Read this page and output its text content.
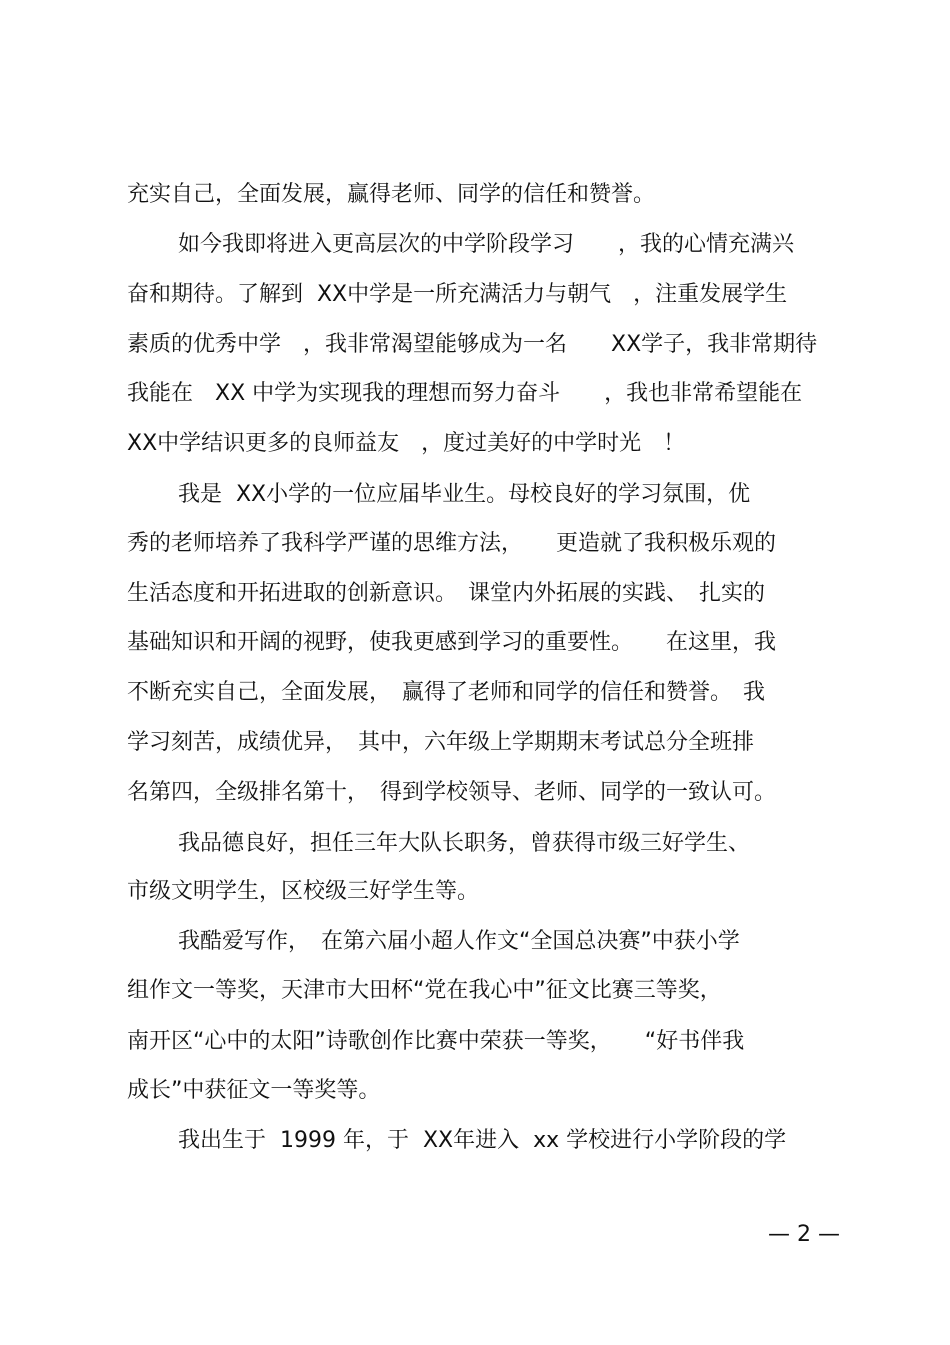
充实自己，全面发展，赢得老师、同学的信任和赞誉。
如今我即将进入更高层次的中学阶段学习　　，我的心情充满兴
奋和期待。了解到  XX中学是一所充满活力与朝气　，注重发展学生
素质的优秀中学　，我非常渴望能够成为一名　　XX学子，我非常期待
我能在　XX 中学为实现我的理想而努力奋斗　　，我也非常希望能在
XX中学结识更多的良师益友　，度过美好的中学时光　！
我是  XX小学的一位应届毕业生。母校良好的学习氛围，优
秀的老师培养了我科学严谨的思维方法，　　更造就了我积极乐观的
生活态度和开拓进取的创新意识。　课堂内外拓展的实践、　扎实的
基础知识和开阔的视野，使我更感到学习的重要性。　　在这里，我
不断充实自己，全面发展，　赢得了老师和同学的信任和赞誉。　我
学习刻苦，成绩优异，　其中，六年级上学期期末考试总分全班排
名第四，全级排名第十，　得到学校领导、老师、同学的一致认可。
我品德良好，担任三年大队长职务，曾获得市级三好学生、
市级文明学生，区校级三好学生等。
我酷爱写作，　在第六届小超人作文“全国总决赛”中获小学
组作文一等奖，天津市大田杯“党在我心中”征文比赛三等奖，
南开区“心中的太阳”诗歌创作比赛中荣获一等奖，　　“好书伴我
成长”中获征文一等奖等。
我出生于  1999 年，于  XX年进入  xx 学校进行小学阶段的学
— 2 —
